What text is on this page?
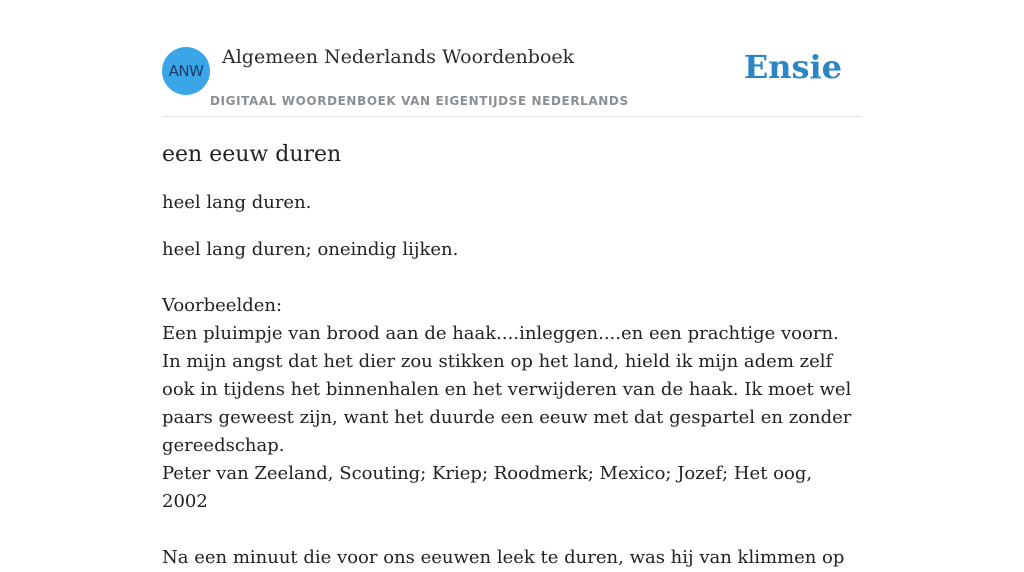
ANW
Algemeen Nederlands Woordenboek
DIGITAAL WOORDENBOEK VAN EIGENTIJDSE NEDERLANDS
Ensie
een eeuw duren

heel lang duren.

heel lang duren; oneindig lijken.

Voorbeelden:

Een pluimpje van brood aan de haak....inleggen....en een prachtige voorn. In mijn angst dat het dier zou stikken op het land, hield ik mijn adem zelf ook in tijdens het binnenhalen en het verwijderen van de haak. Ik moet wel paars geweest zijn, want het duurde een eeuw met dat gespartel en zonder gereedschap.

Peter van Zeeland, Scouting; Kriep; Roodmerk; Mexico; Jozef; Het oog, 2002

Na een minuut die voor ons eeuwen leek te duren, was hij van klimmen op
